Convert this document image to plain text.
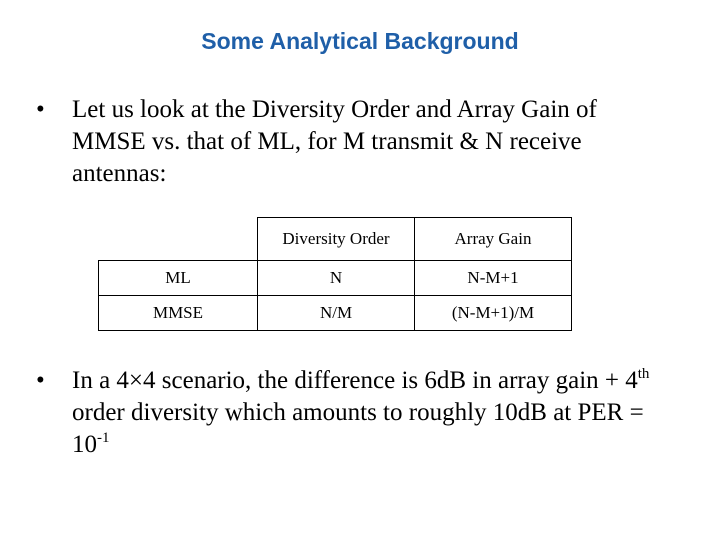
Some Analytical Background
•	Let us look at the Diversity Order and Array Gain of MMSE vs. that of ML, for M transmit & N receive antennas:
	Diversity Order	Array Gain
ML	N	N-M+1
MMSE	N/M	(N-M+1)/M
•	In a 4×4 scenario, the difference is 6dB in array gain + 4th order diversity which amounts to roughly 10dB at PER = $10^{-1}$
